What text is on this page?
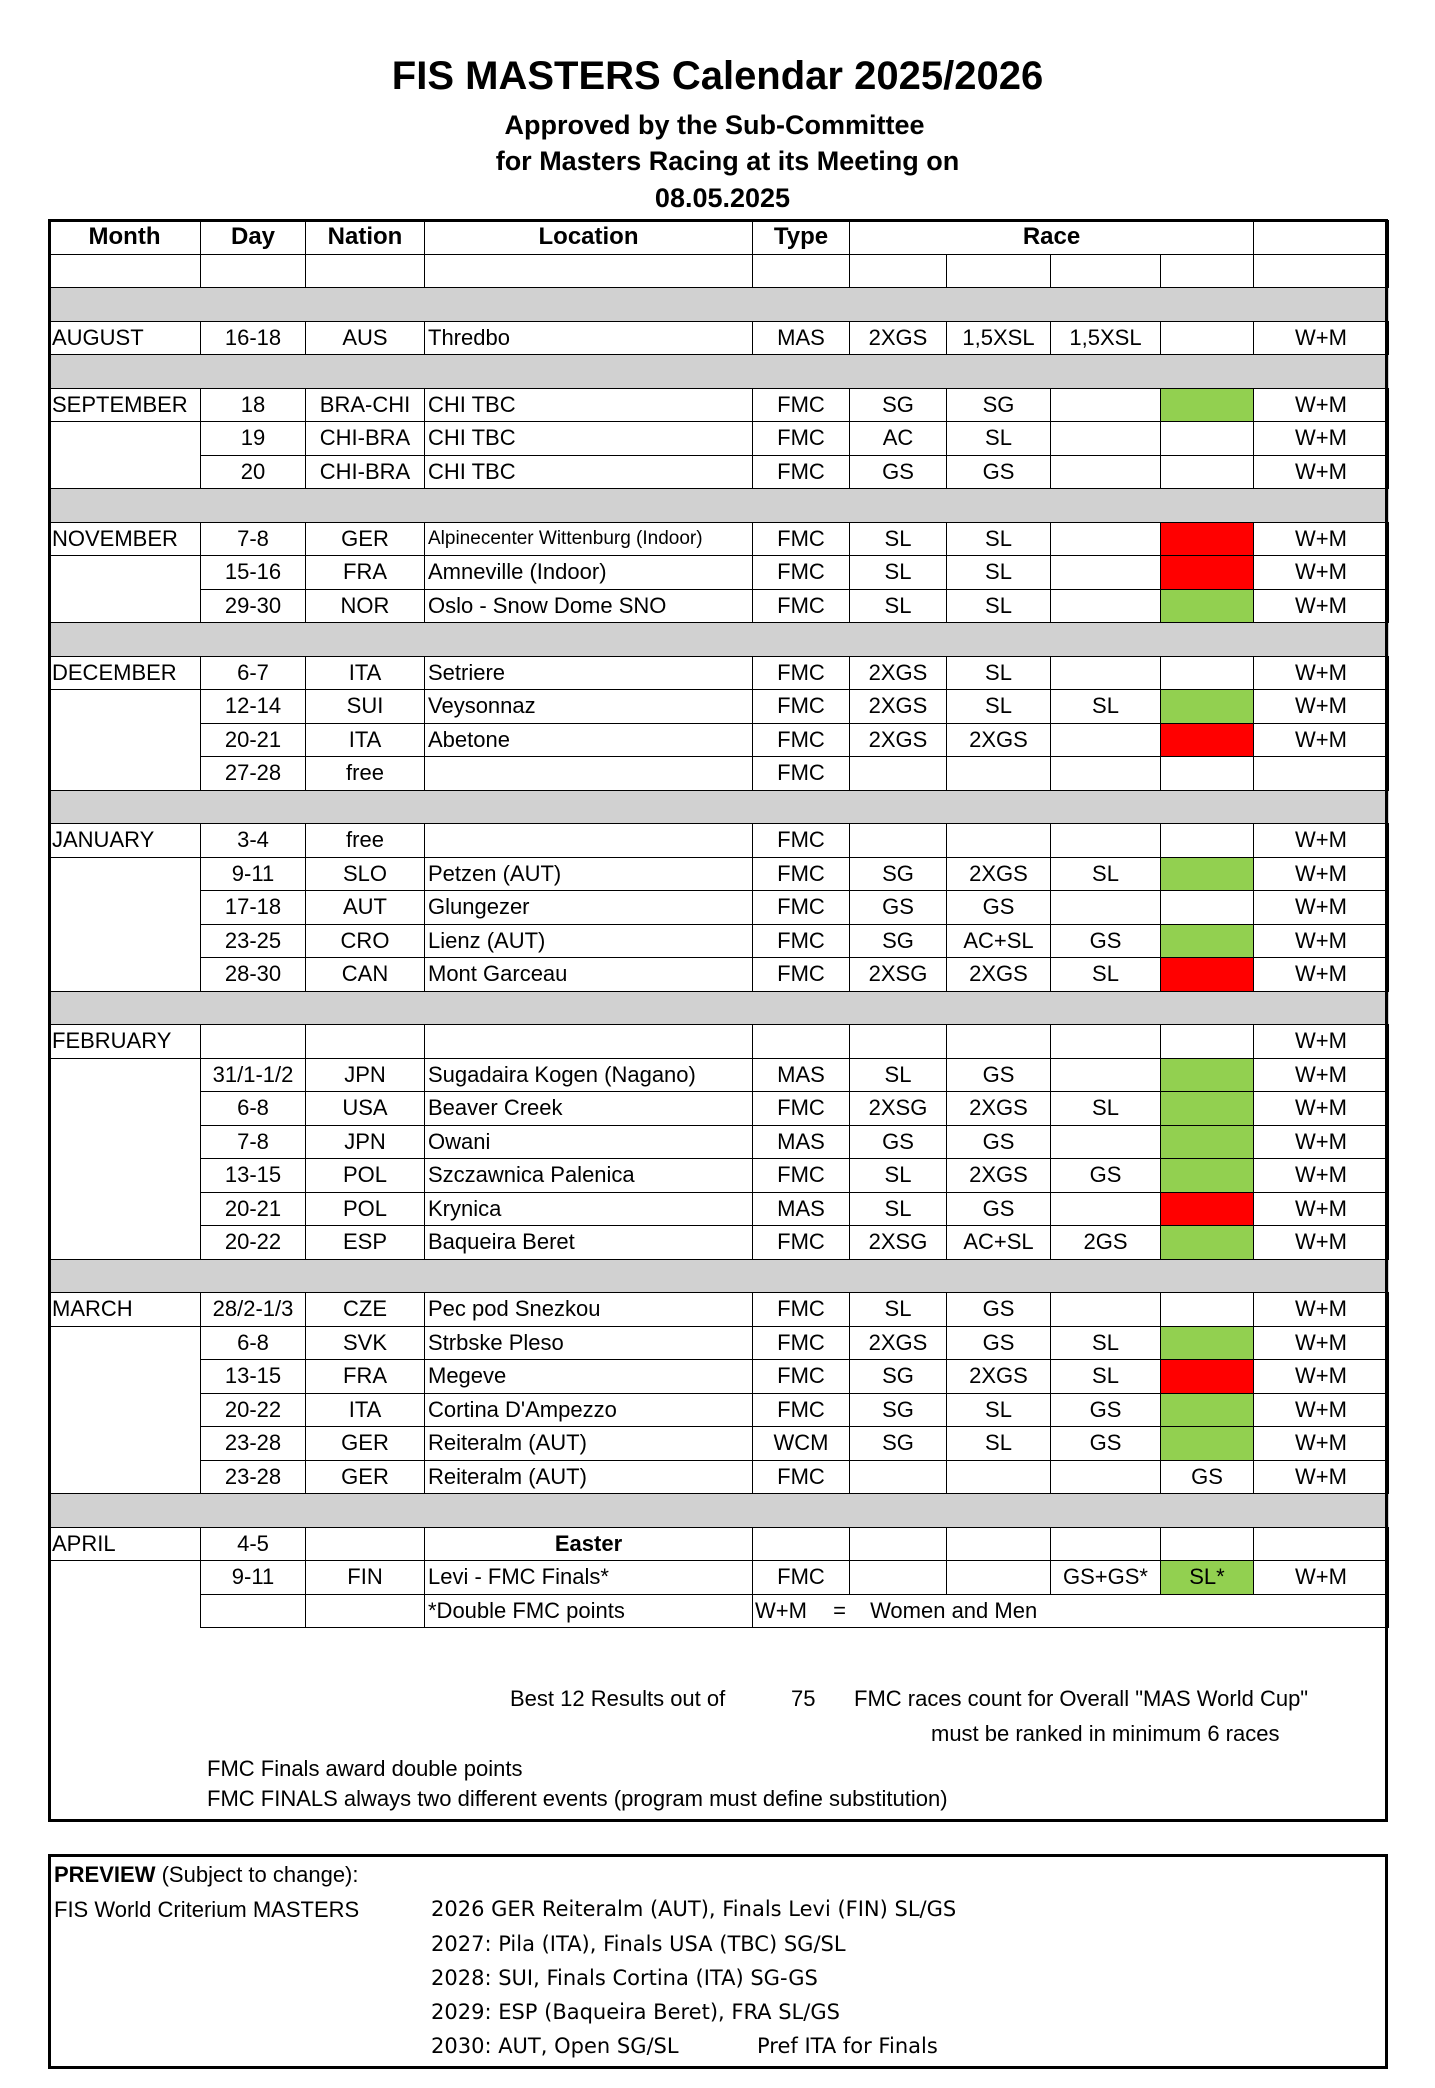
FIS MASTERS Calendar 2025/2026
Approved by the Sub-Committee
for Masters Racing at its Meeting on
08.05.2025
Month	Day	Nation	Location	Type	Race				

AUGUST	16-18	AUS	Thredbo	MAS	2XGS	1,5XSL	1,5XSL		W+M

SEPTEMBER	18	BRA-CHI	CHI TBC	FMC	SG	SG			W+M
	19	CHI-BRA	CHI TBC	FMC	AC	SL			W+M
	20	CHI-BRA	CHI TBC	FMC	GS	GS			W+M

NOVEMBER	7-8	GER	Alpinecenter Wittenburg (Indoor)	FMC	SL	SL			W+M
	15-16	FRA	Amneville (Indoor)	FMC	SL	SL			W+M
	29-30	NOR	Oslo - Snow Dome SNO	FMC	SL	SL			W+M

DECEMBER	6-7	ITA	Setriere	FMC	2XGS	SL			W+M
	12-14	SUI	Veysonnaz	FMC	2XGS	SL	SL		W+M
	20-21	ITA	Abetone	FMC	2XGS	2XGS			W+M
	27-28	free		FMC					

JANUARY	3-4	free		FMC					W+M
	9-11	SLO	Petzen (AUT)	FMC	SG	2XGS	SL		W+M
	17-18	AUT	Glungezer	FMC	GS	GS			W+M
	23-25	CRO	Lienz (AUT)	FMC	SG	AC+SL	GS		W+M
	28-30	CAN	Mont Garceau	FMC	2XSG	2XGS	SL		W+M

FEBRUARY									W+M
	31/1-1/2	JPN	Sugadaira Kogen (Nagano)	MAS	SL	GS			W+M
	6-8	USA	Beaver Creek	FMC	2XSG	2XGS	SL		W+M
	7-8	JPN	Owani	MAS	GS	GS			W+M
	13-15	POL	Szczawnica Palenica	FMC	SL	2XGS	GS		W+M
	20-21	POL	Krynica	MAS	SL	GS			W+M
	20-22	ESP	Baqueira Beret	FMC	2XSG	AC+SL	2GS		W+M

MARCH	28/2-1/3	CZE	Pec pod Snezkou	FMC	SL	GS			W+M
	6-8	SVK	Strbske Pleso	FMC	2XGS	GS	SL		W+M
	13-15	FRA	Megeve	FMC	SG	2XGS	SL		W+M
	20-22	ITA	Cortina D'Ampezzo	FMC	SG	SL	GS		W+M
	23-28	GER	Reiteralm (AUT)	WCM	SG	SL	GS		W+M
	23-28	GER	Reiteralm (AUT)	FMC				GS	W+M

APRIL	4-5		Easter						
	9-11	FIN	Levi - FMC Finals*	FMC			GS+GS*	SL*	W+M
			*Double FMC points	W+M = Women and Men					
Best 12 Results out of	75 FMC races count for Overall "MAS World Cup"
must be ranked in minimum 6 races
FMC Finals award double points
FMC FINALS always two different events (program must define substitution)
PREVIEW (Subject to change):
FIS World Criterium MASTERS	2026 GER Reiteralm (AUT), Finals Levi (FIN) SL/GS
2027: Pila (ITA), Finals USA (TBC) SG/SL
2028: SUI, Finals Cortina (ITA) SG-GS
2029: ESP (Baqueira Beret), FRA SL/GS
2030: AUT, Open SG/SL	Pref ITA for Finals
